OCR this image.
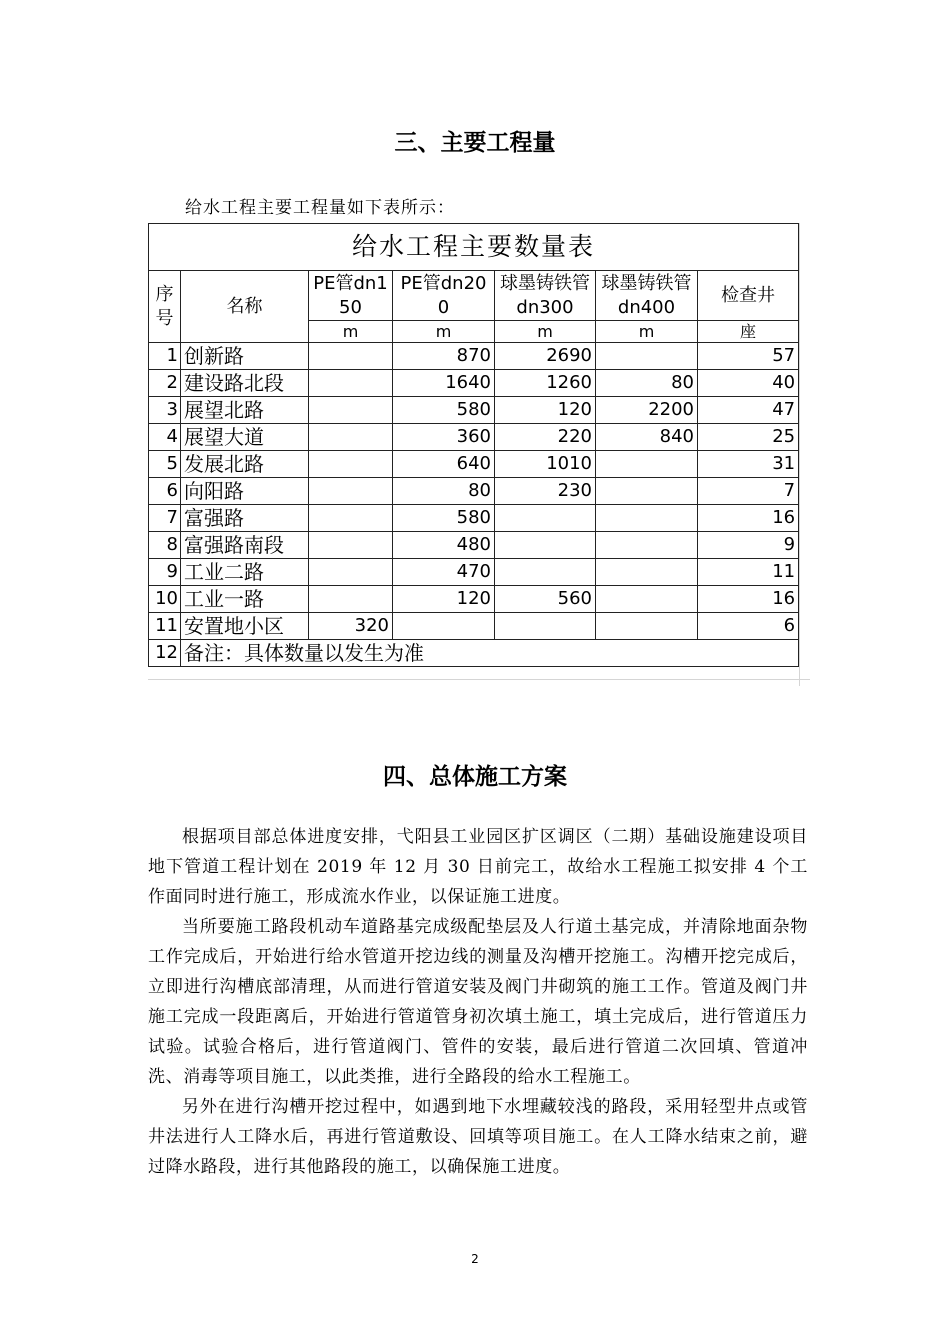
三、主要工程量
给水工程主要工程量如下表所示：
给水工程主要数量表						
序号	名称	PE管dn150	PE管dn200	球墨铸铁管dn300	球墨铸铁管dn400	检查井
		m	m	m	m	座
1	创新路		870	2690		57
2	建设路北段		1640	1260	80	40
3	展望北路		580	120	2200	47
4	展望大道		360	220	840	25
5	发展北路		640	1010		31
6	向阳路		80	230		7
7	富强路		580			16
8	富强路南段		480			9
9	工业二路		470			11
10	工业一路		120	560		16
11	安置地小区	320				6
12	备注：具体数量以发生为准					
四、总体施工方案

根据项目部总体进度安排，弋阳县工业园区扩区调区（二期）基础设施建设项目地下管道工程计划在 2019 年 12 月 30 日前完工，故给水工程施工拟安排 4 个工作面同时进行施工，形成流水作业，以保证施工进度。

当所要施工路段机动车道路基完成级配垫层及人行道土基完成，并清除地面杂物工作完成后，开始进行给水管道开挖边线的测量及沟槽开挖施工。沟槽开挖完成后，立即进行沟槽底部清理，从而进行管道安装及阀门井砌筑的施工工作。管道及阀门井施工完成一段距离后，开始进行管道管身初次填土施工，填土完成后，进行管道压力试验。试验合格后，进行管道阀门、管件的安装，最后进行管道二次回填、管道冲洗、消毒等项目施工，以此类推，进行全路段的给水工程施工。

另外在进行沟槽开挖过程中，如遇到地下水埋藏较浅的路段，采用轻型井点或管井法进行人工降水后，再进行管道敷设、回填等项目施工。在人工降水结束之前，避过降水路段，进行其他路段的施工，以确保施工进度。

2
